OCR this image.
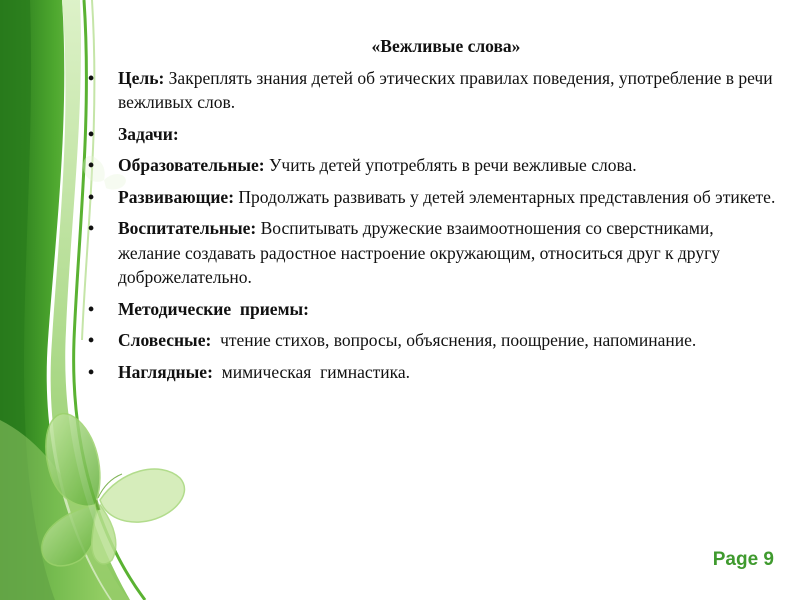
«Вежливые слова»
• Цель: Закреплять знания детей об этических правилах поведения, употребление в речи вежливых слов.
• Задачи:
• Образовательные: Учить детей употреблять в речи вежливые слова.
• Развивающие: Продолжать развивать у детей элементарных представления об этикете.
• Воспитательные: Воспитывать дружеские взаимоотношения со сверстниками, желание создавать радостное настроение окружающим, относиться друг к другу доброжелательно.
• Методические  приемы:
• Словесные:  чтение стихов, вопросы, объяснения, поощрение, напоминание.
• Наглядные:  мимическая  гимнастика.
Page 9
